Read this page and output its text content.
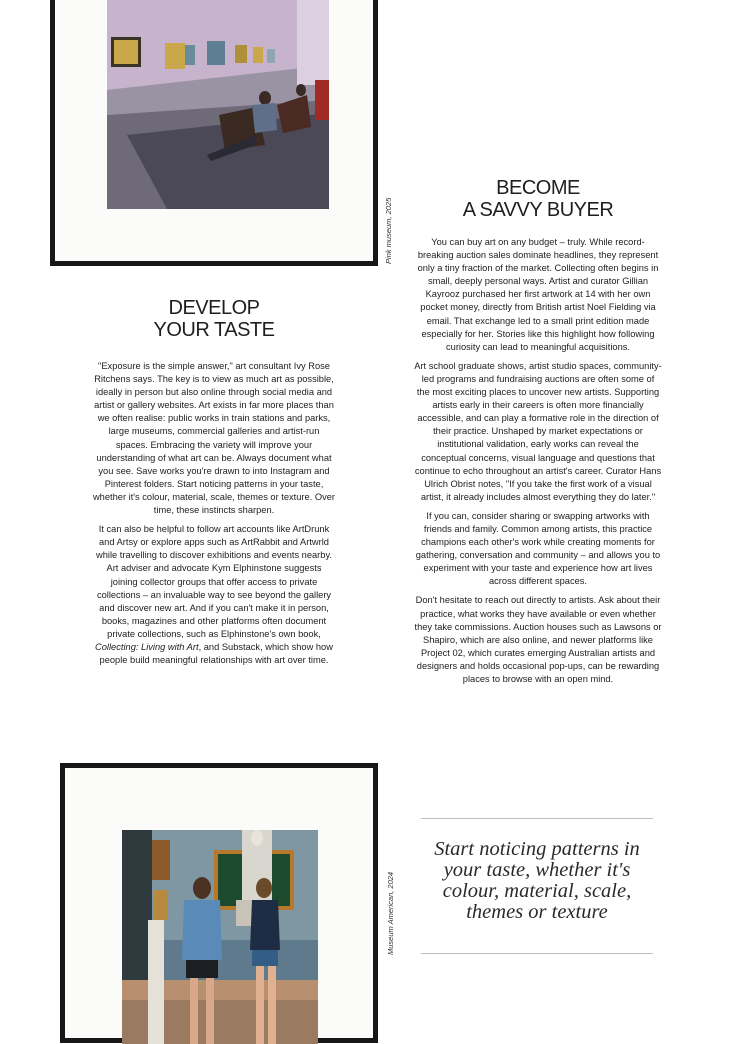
Pink museum, 2025
BECOME
A SAVVY BUYER

You can buy art on any budget – truly. While record-breaking auction sales dominate headlines, they represent only a tiny fraction of the market. Collecting often begins in small, deeply personal ways. Artist and curator Gillian Kayrooz purchased her first artwork at 14 with her own pocket money, directly from British artist Noel Fielding via email. That exchange led to a small print edition made especially for her. Stories like this highlight how following curiosity can lead to meaningful acquisitions.

Art school graduate shows, artist studio spaces, community-led programs and fundraising auctions are often some of the most exciting places to uncover new artists. Supporting artists early in their careers is often more financially accessible, and can play a formative role in the direction of their practice. Unshaped by market expectations or institutional validation, early works can reveal the conceptual concerns, visual language and questions that continue to echo throughout an artist's career. Curator Hans Ulrich Obrist notes, "If you take the first work of a visual artist, it already includes almost everything they do later."

If you can, consider sharing or swapping artworks with friends and family. Common among artists, this practice champions each other's work while creating moments for gathering, conversation and community – and allows you to experiment with your taste and experience how art lives across different spaces.

Don't hesitate to reach out directly to artists. Ask about their practice, what works they have available or even whether they take commissions. Auction houses such as Lawsons or Shapiro, which are also online, and newer platforms like Project 02, which curates emerging Australian artists and designers and holds occasional pop-ups, can be rewarding places to browse with an open mind.

DEVELOP
YOUR TASTE

"Exposure is the simple answer," art consultant Ivy Rose Ritchens says. The key is to view as much art as possible, ideally in person but also online through social media and artist or gallery websites. Art exists in far more places than we often realise: public works in train stations and parks, large museums, commercial galleries and artist-run spaces. Embracing the variety will improve your understanding of what art can be. Always document what you see. Save works you're drawn to into Instagram and Pinterest folders. Start noticing patterns in your taste, whether it's colour, material, scale, themes or texture. Over time, these instincts sharpen.

It can also be helpful to follow art accounts like ArtDrunk and Artsy or explore apps such as ArtRabbit and Artwrld while travelling to discover exhibitions and events nearby. Art adviser and advocate Kym Elphinstone suggests joining collector groups that offer access to private collections – an invaluable way to see beyond the gallery and discover new art. And if you can't make it in person, books, magazines and other platforms often document private collections, such as Elphinstone's own book, Collecting: Living with Art, and Substack, which show how people build meaningful relationships with art over time.

Museum American, 2024
Start noticing patterns in your taste, whether it's colour, material, scale, themes or texture
